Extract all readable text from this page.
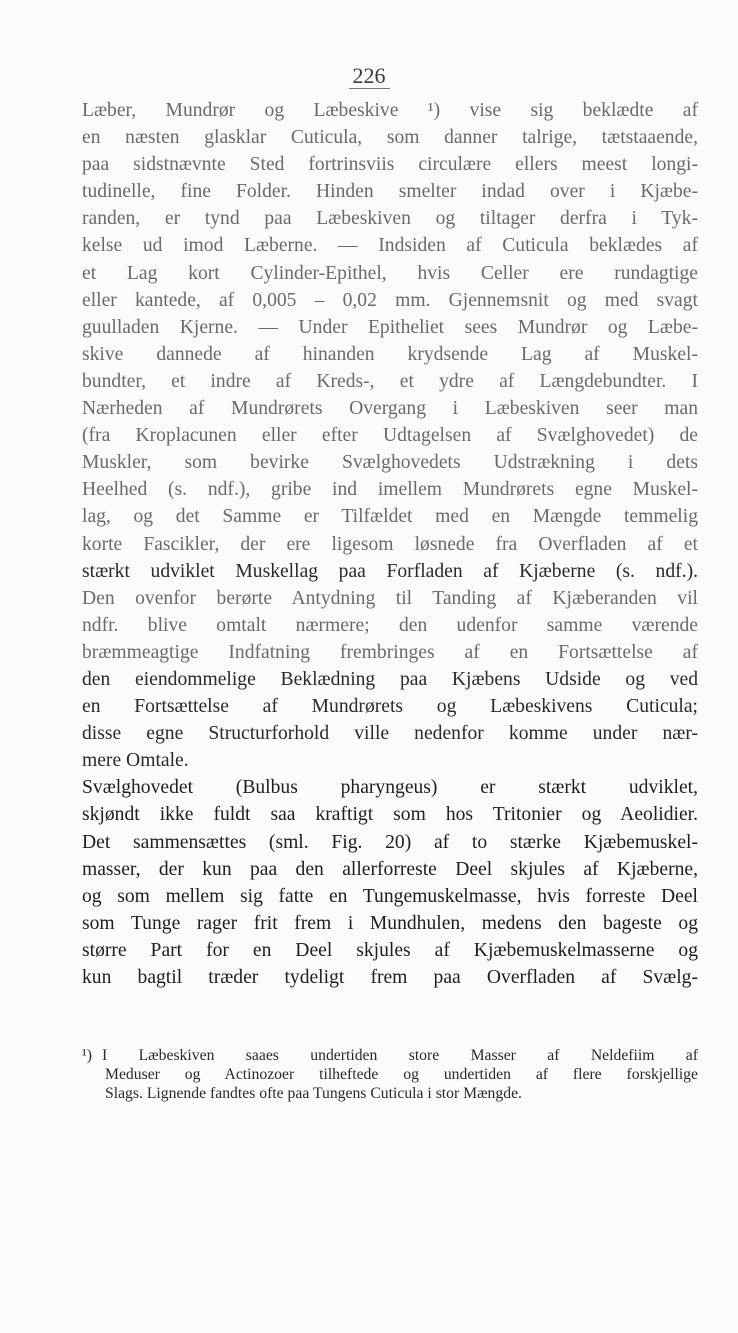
226
Læber, Mundrør og Læbeskive ¹) vise sig beklædte af
en næsten glasklar Cuticula, som danner talrige, tætstaaende,
paa sidstnævnte Sted fortrinsviis circulære ellers meest longi-
tudinelle, fine Folder. Hinden smelter indad over i Kjæbe-
randen, er tynd paa Læbeskiven og tiltager derfra i Tyk-
kelse ud imod Læberne. — Indsiden af Cuticula beklædes af
et Lag kort Cylinder-Epithel, hvis Celler ere rundagtige
eller kantede, af 0,005 – 0,02 mm. Gjennemsnit og med svagt
guulladen Kjerne. — Under Epitheliet sees Mundrør og Læbe-
skive dannede af hinanden krydsende Lag af Muskel-
bundter, et indre af Kreds-, et ydre af Længdebundter. I
Nærheden af Mundrørets Overgang i Læbeskiven seer man
(fra Kroplacunen eller efter Udtagelsen af Svælghovedet) de
Muskler, som bevirke Svælghovedets Udstrækning i dets
Heelhed (s. ndf.), gribe ind imellem Mundrørets egne Muskel-
lag, og det Samme er Tilfældet med en Mængde temmelig
korte Fascikler, der ere ligesom løsnede fra Overfladen af et
stærkt udviklet Muskellag paa Forfladen af Kjæberne (s. ndf.).
Den ovenfor berørte Antydning til Tanding af Kjæberanden vil
ndfr. blive omtalt nærmere; den udenfor samme værende
bræmmeagtige Indfatning frembringes af en Fortsættelse af
den eiendommelige Beklædning paa Kjæbens Udside og ved
en Fortsættelse af Mundrørets og Læbeskivens Cuticula;
disse egne Structurforhold ville nedenfor komme under nær-
mere Omtale.
Svælghovedet (Bulbus pharyngeus) er stærkt udviklet,
skjøndt ikke fuldt saa kraftigt som hos Tritonier og Aeolidier.
Det sammensættes (sml. Fig. 20) af to stærke Kjæbemuskel-
masser, der kun paa den allerforreste Deel skjules af Kjæberne,
og som mellem sig fatte en Tungemuskelmasse, hvis forreste Deel
som Tunge rager frit frem i Mundhulen, medens den bageste og
større Part for en Deel skjules af Kjæbemuskelmasserne og
kun bagtil træder tydeligt frem paa Overfladen af Svælg-
¹) I Læbeskiven saaes undertiden store Masser af Neldefiim af
Meduser og Actinozoer tilheftede og undertiden af flere forskjellige
Slags. Lignende fandtes ofte paa Tungens Cuticula i stor Mængde.
